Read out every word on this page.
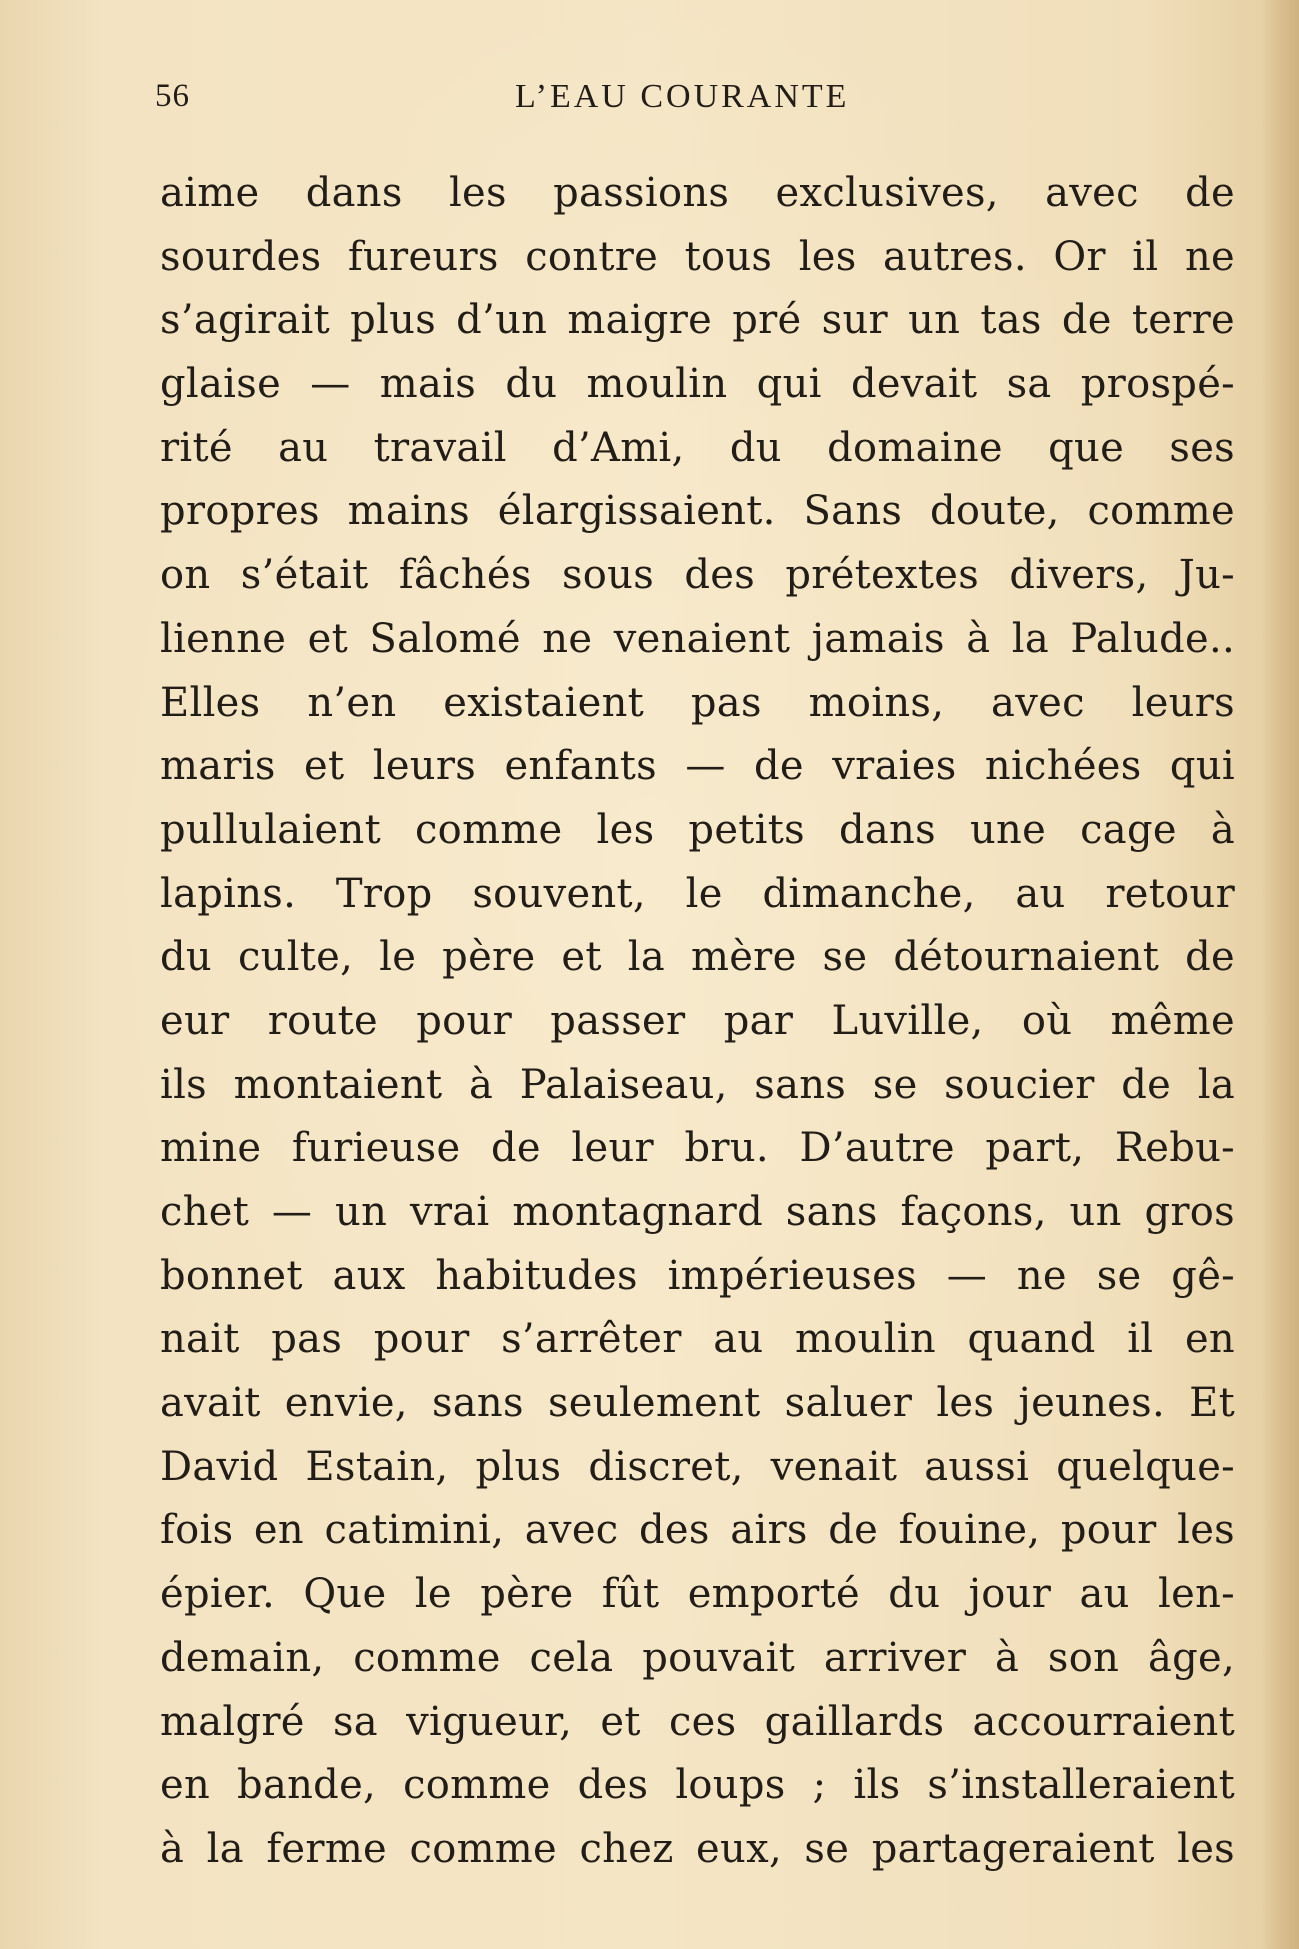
56	L’EAU COURANTE
aime dans les passions exclusives, avec de
sourdes fureurs contre tous les autres. Or il ne
s’agirait plus d’un maigre pré sur un tas de terre
glaise — mais du moulin qui devait sa prospé-
rité au travail d’Ami, du domaine que ses
propres mains élargissaient. Sans doute, comme
on s’était fâchés sous des prétextes divers, Ju-
lienne et Salomé ne venaient jamais à la Palude..
Elles n’en existaient pas moins, avec leurs
maris et leurs enfants — de vraies nichées qui
pullulaient comme les petits dans une cage à
lapins. Trop souvent, le dimanche, au retour
du culte, le père et la mère se détournaient de
eur route pour passer par Luville, où même
ils montaient à Palaiseau, sans se soucier de la
mine furieuse de leur bru. D’autre part, Rebu-
chet — un vrai montagnard sans façons, un gros
bonnet aux habitudes impérieuses — ne se gê-
nait pas pour s’arrêter au moulin quand il en
avait envie, sans seulement saluer les jeunes. Et
David Estain, plus discret, venait aussi quelque-
fois en catimini, avec des airs de fouine, pour les
épier. Que le père fût emporté du jour au len-
demain, comme cela pouvait arriver à son âge,
malgré sa vigueur, et ces gaillards accourraient
en bande, comme des loups ; ils s’installeraient
à la ferme comme chez eux, se partageraient les
